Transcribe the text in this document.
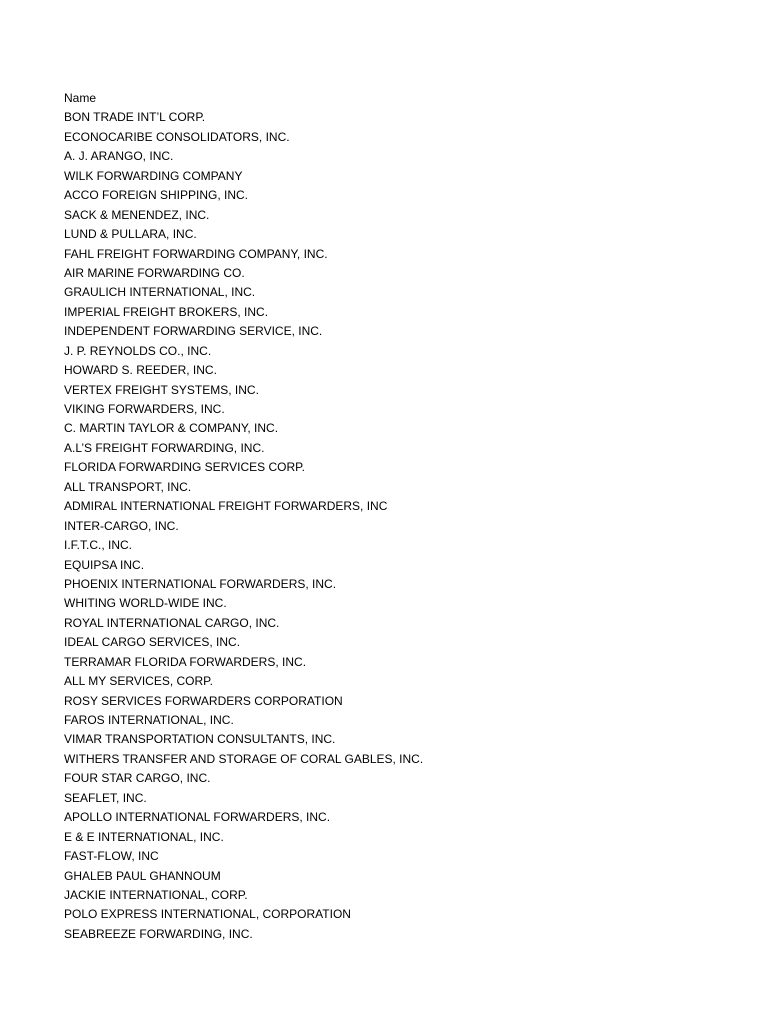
Name
BON TRADE INT’L CORP.
ECONOCARIBE CONSOLIDATORS, INC.
A. J. ARANGO, INC.
WILK FORWARDING COMPANY
ACCO FOREIGN SHIPPING, INC.
SACK & MENENDEZ, INC.
LUND & PULLARA, INC.
FAHL FREIGHT FORWARDING COMPANY, INC.
AIR MARINE FORWARDING CO.
GRAULICH INTERNATIONAL, INC.
IMPERIAL FREIGHT BROKERS, INC.
INDEPENDENT FORWARDING SERVICE, INC.
J. P. REYNOLDS CO., INC.
HOWARD S. REEDER, INC.
VERTEX FREIGHT SYSTEMS, INC.
VIKING FORWARDERS, INC.
C. MARTIN TAYLOR & COMPANY, INC.
A.L’S FREIGHT FORWARDING, INC.
FLORIDA FORWARDING SERVICES CORP.
ALL TRANSPORT, INC.
ADMIRAL INTERNATIONAL FREIGHT FORWARDERS, INC
INTER-CARGO, INC.
I.F.T.C., INC.
EQUIPSA INC.
PHOENIX INTERNATIONAL FORWARDERS, INC.
WHITING WORLD-WIDE INC.
ROYAL INTERNATIONAL CARGO, INC.
IDEAL CARGO SERVICES, INC.
TERRAMAR FLORIDA FORWARDERS, INC.
ALL MY SERVICES, CORP.
ROSY SERVICES FORWARDERS CORPORATION
FAROS INTERNATIONAL, INC.
VIMAR TRANSPORTATION CONSULTANTS, INC.
WITHERS TRANSFER AND STORAGE OF CORAL GABLES, INC.
FOUR STAR CARGO, INC.
SEAFLET, INC.
APOLLO INTERNATIONAL FORWARDERS, INC.
E & E INTERNATIONAL, INC.
FAST-FLOW, INC
GHALEB PAUL GHANNOUM
JACKIE INTERNATIONAL, CORP.
POLO EXPRESS INTERNATIONAL, CORPORATION
SEABREEZE FORWARDING, INC.
